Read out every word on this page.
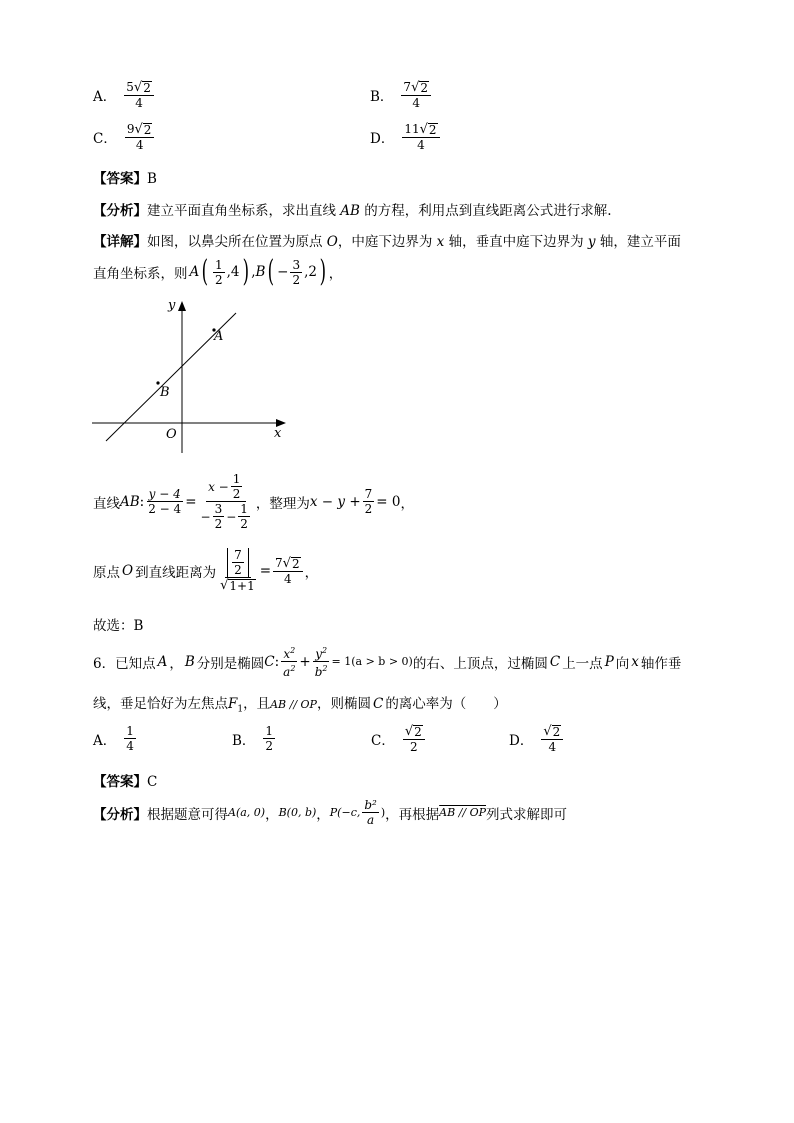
A． $\frac{5 √ 2}{4}$	B． $\frac{7 √ 2}{4}$
C． $\frac{9 √ 2}{4}$	D． $\frac{11 √ 2}{4}$
【答案】B
【分析】建立平面直角坐标系，求出直线 AB 的方程，利用点到直线距离公式进行求解.
【详解】如图，以鼻尖所在位置为原点 O，中庭下边界为 x 轴，垂直中庭下边界为 y 轴，建立平面
直角坐标系，则 A ( $\frac{1}{2}$ , 4 ) , B ( − $\frac{3}{2}$ , 2 ) ，
y
x
O
A
B
直线 AB : $\frac{y - 4}{2 - 4} = \frac{x - \frac{1}{2}}{- \frac{3}{2} - \frac{1}{2}}$ ，整理为 $x - y + \frac{7}{2} = 0$ ，
原点 O 到直线距离为 $\frac{\frac{7}{2}}{√ 1+1} = \frac{7 √ 2}{4}$ ，
故选：B
6． 已知点 A ， B 分别是椭圆 C : $\frac{x^2}{a^2} + \frac{y^2}{b^2} = 1(a > b > 0)$ 的右、上顶点，过椭圆 C 上一点 P 向 x 轴作垂
线，垂足恰好为左焦点$F_1$，且AB // OP，则椭圆 C 的离心率为（　　）
A． $\frac{1}{4}$	B． $\frac{1}{2}$	C． $\frac{√ 2}{2}$	D． $\frac{√ 2}{4}$
【答案】C
【分析】 根据题意可得 A(a, 0) ， B(0, b) ， P(−c, $\frac{\text{b²}}{a}$ ) ，再根据 AB // OP 列式求解即可
